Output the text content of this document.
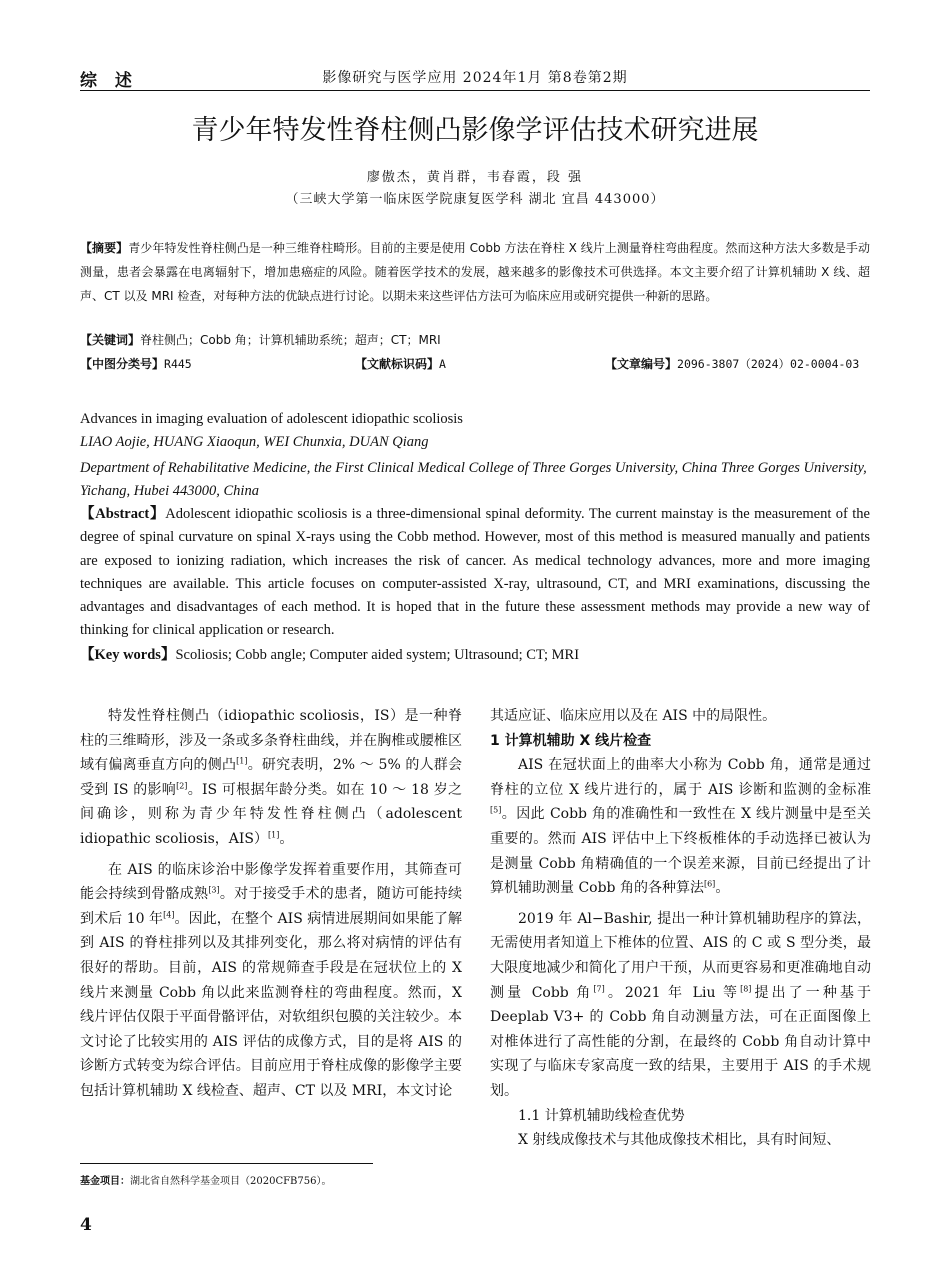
综 述	影像研究与医学应用 2024年1月 第8卷第2期
青少年特发性脊柱侧凸影像学评估技术研究进展
廖傲杰，黄肖群，韦春霞，段 强
（三峡大学第一临床医学院康复医学科 湖北 宜昌 443000）
【摘要】青少年特发性脊柱侧凸是一种三维脊柱畸形。目前的主要是使用 Cobb 方法在脊柱 X 线片上测量脊柱弯曲程度。然而这种方法大多数是手动测量，患者会暴露在电离辐射下，增加患癌症的风险。随着医学技术的发展，越来越多的影像技术可供选择。本文主要介绍了计算机辅助 X 线、超声、CT 以及 MRI 检查，对每种方法的优缺点进行讨论。以期未来这些评估方法可为临床应用或研究提供一种新的思路。
【关键词】脊柱侧凸；Cobb 角；计算机辅助系统；超声；CT；MRI
【中图分类号】R445	【文献标识码】A	【文章编号】2096-3807（2024）02-0004-03
Advances in imaging evaluation of adolescent idiopathic scoliosis
LIAO Aojie, HUANG Xiaoqun, WEI Chunxia, DUAN Qiang
Department of Rehabilitative Medicine, the First Clinical Medical College of Three Gorges University, China Three Gorges University, Yichang, Hubei 443000, China
【Abstract】Adolescent idiopathic scoliosis is a three-dimensional spinal deformity. The current mainstay is the measurement of the degree of spinal curvature on spinal X-rays using the Cobb method. However, most of this method is measured manually and patients are exposed to ionizing radiation, which increases the risk of cancer. As medical technology advances, more and more imaging techniques are available. This article focuses on computer-assisted X-ray, ultrasound, CT, and MRI examinations, discussing the advantages and disadvantages of each method. It is hoped that in the future these assessment methods may provide a new way of thinking for clinical application or research.
【Key words】Scoliosis; Cobb angle; Computer aided system; Ultrasound; CT; MRI

特发性脊柱侧凸（idiopathic scoliosis，IS）是一种脊柱的三维畸形，涉及一条或多条脊柱曲线，并在胸椎或腰椎区域有偏离垂直方向的侧凸[1]。研究表明，2% ～ 5% 的人群会受到 IS 的影响[2]。IS 可根据年龄分类。如在 10 ～ 18 岁之间确诊，则称为青少年特发性脊柱侧凸（adolescent idiopathic scoliosis，AIS）[1]。

在 AIS 的临床诊治中影像学发挥着重要作用，其筛查可能会持续到骨骼成熟[3]。对于接受手术的患者，随访可能持续到术后 10 年[4]。因此，在整个 AIS 病情进展期间如果能了解到 AIS 的脊柱排列以及其排列变化，那么将对病情的评估有很好的帮助。目前，AIS 的常规筛查手段是在冠状位上的 X 线片来测量 Cobb 角以此来监测脊柱的弯曲程度。然而，X 线片评估仅限于平面骨骼评估，对软组织包膜的关注较少。本文讨论了比较实用的 AIS 评估的成像方式，目的是将 AIS 的诊断方式转变为综合评估。目前应用于脊柱成像的影像学主要包括计算机辅助 X 线检查、超声、CT 以及 MRI，本文讨论

其适应证、临床应用以及在 AIS 中的局限性。

1 计算机辅助 X 线片检查

AIS 在冠状面上的曲率大小称为 Cobb 角，通常是通过脊柱的立位 X 线片进行的，属于 AIS 诊断和监测的金标准[5]。因此 Cobb 角的准确性和一致性在 X 线片测量中是至关重要的。然而 AIS 评估中上下终板椎体的手动选择已被认为是测量 Cobb 角精确值的一个误差来源，目前已经提出了计算机辅助测量 Cobb 角的各种算法[6]。

2019 年 Al−Bashir, 提出一种计算机辅助程序的算法，无需使用者知道上下椎体的位置、AIS 的 C 或 S 型分类，最大限度地减少和简化了用户干预，从而更容易和更准确地自动测量 Cobb 角[7]。2021 年 Liu 等[8]提出了一种基于 Deeplab V3+ 的 Cobb 角自动测量方法，可在正面图像上对椎体进行了高性能的分割，在最终的 Cobb 角自动计算中实现了与临床专家高度一致的结果，主要用于 AIS 的手术规划。

1.1 计算机辅助线检查优势

X 射线成像技术与其他成像技术相比，具有时间短、

基金项目：湖北省自然科学基金项目（2020CFB756）。
4
